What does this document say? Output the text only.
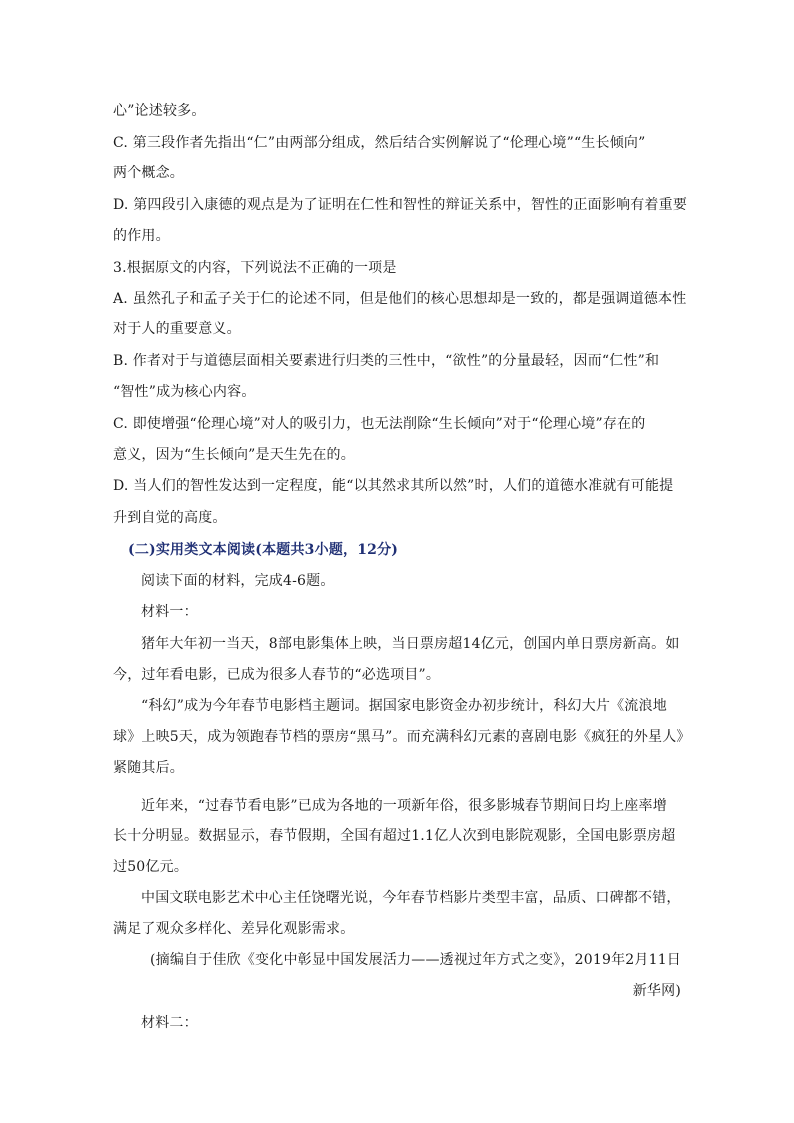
心”论述较多。
C. 第三段作者先指出“仁”由两部分组成，然后结合实例解说了“伦理心境”“生长倾向”
两个概念。
D. 第四段引入康德的观点是为了证明在仁性和智性的辩证关系中，智性的正面影响有着重要
的作用。
3.根据原文的内容，下列说法不正确的一项是
A. 虽然孔子和孟子关于仁的论述不同，但是他们的核心思想却是一致的，都是强调道德本性
对于人的重要意义。
B. 作者对于与道德层面相关要素进行归类的三性中，“欲性”的分量最轻，因而“仁性”和
“智性”成为核心内容。
C. 即使增强“伦理心境”对人的吸引力，也无法削除“生长倾向”对于“伦理心境”存在的
意义，因为“生长倾向”是天生先在的。
D. 当人们的智性发达到一定程度，能“以其然求其所以然”时，人们的道德水准就有可能提
升到自觉的高度。
(二)实用类文本阅读(本题共3小题，12分)
阅读下面的材料，完成4-6题。
材料一：
猪年大年初一当天，8部电影集体上映，当日票房超14亿元，创国内单日票房新高。如
今，过年看电影，已成为很多人春节的“必选项目”。
“科幻”成为今年春节电影档主题词。据国家电影资金办初步统计，科幻大片《流浪地
球》上映5天，成为领跑春节档的票房“黑马”。而充满科幻元素的喜剧电影《疯狂的外星人》
紧随其后。
近年来，“过春节看电影”已成为各地的一项新年俗，很多影城春节期间日均上座率增
长十分明显。数据显示，春节假期，全国有超过1.1亿人次到电影院观影，全国电影票房超
过50亿元。
中国文联电影艺术中心主任饶曙光说，今年春节档影片类型丰富，品质、口碑都不错，
满足了观众多样化、差异化观影需求。
(摘编自于佳欣《变化中彰显中国发展活力——透视过年方式之变》，2019年2月11日
新华网)
材料二：
